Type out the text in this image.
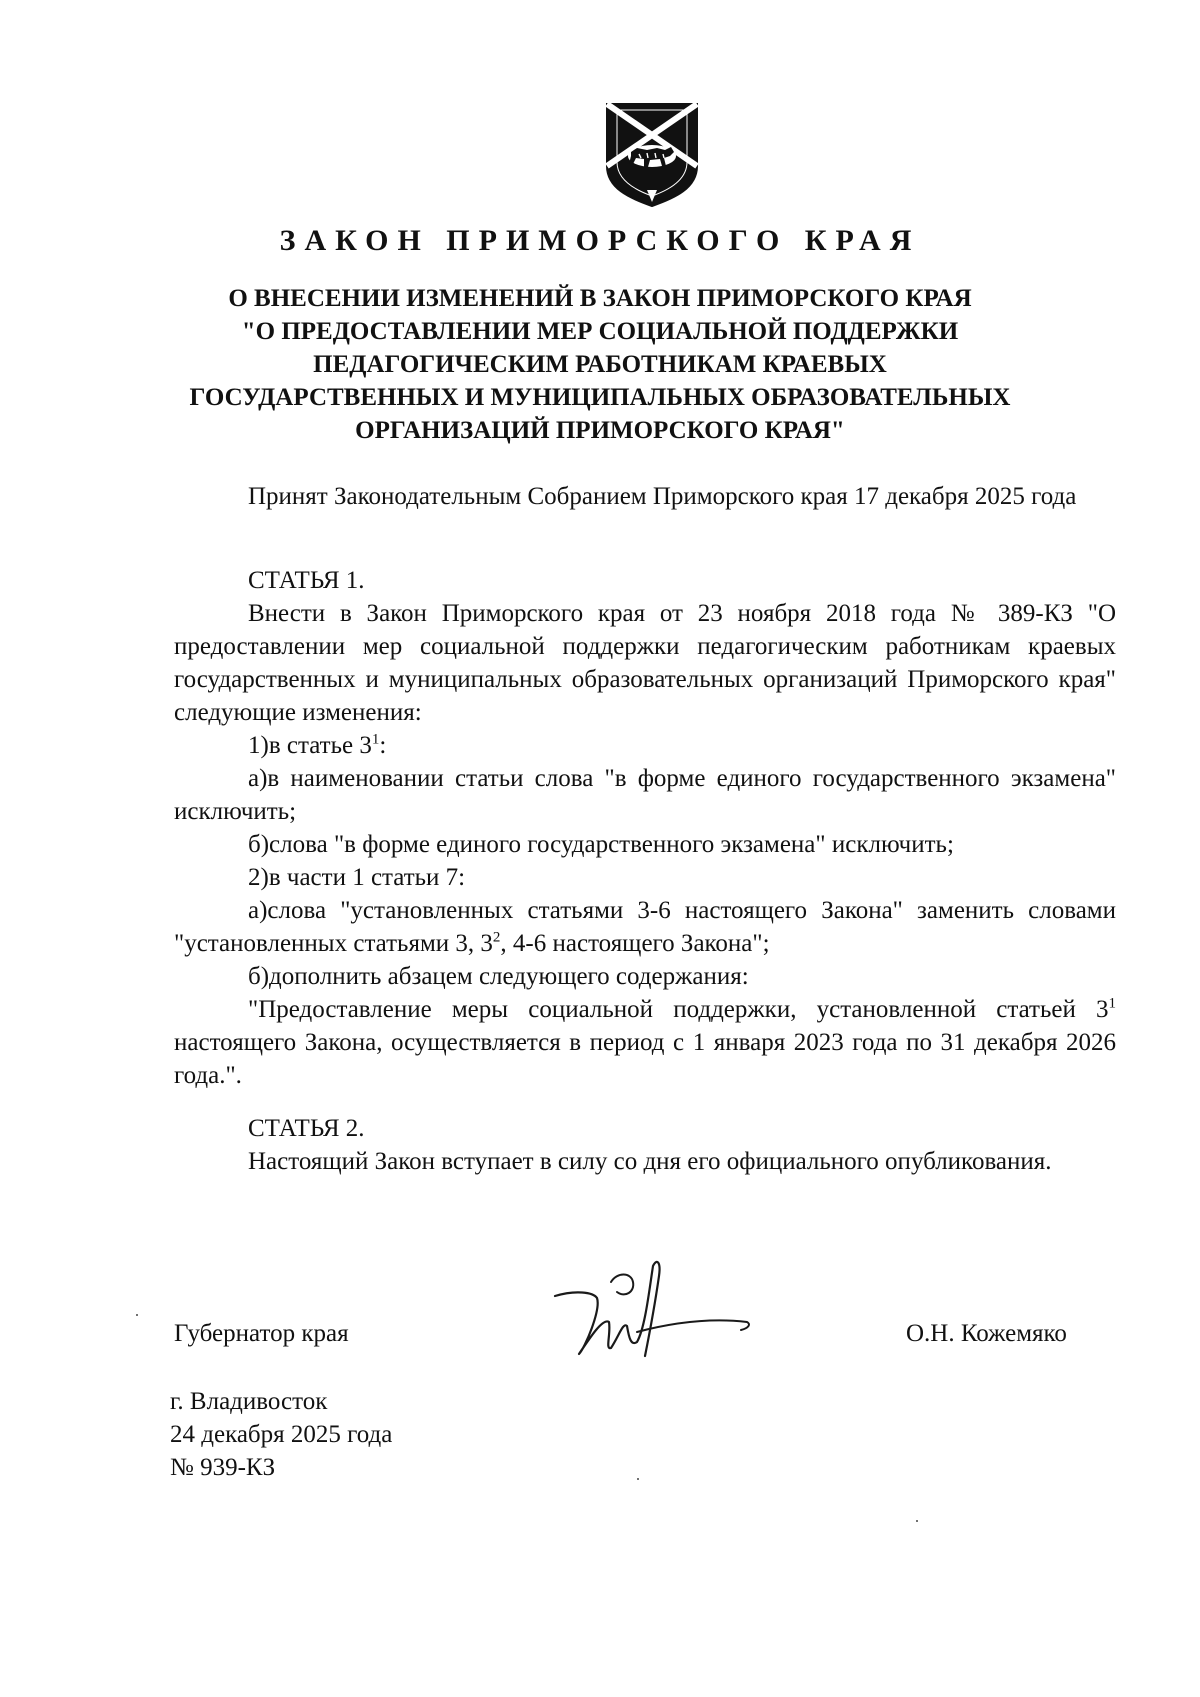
ЗАКОН ПРИМОРСКОГО КРАЯ
О ВНЕСЕНИИ ИЗМЕНЕНИЙ В ЗАКОН ПРИМОРСКОГО КРАЯ
"О ПРЕДОСТАВЛЕНИИ МЕР СОЦИАЛЬНОЙ ПОДДЕРЖКИ
ПЕДАГОГИЧЕСКИМ РАБОТНИКАМ КРАЕВЫХ
ГОСУДАРСТВЕННЫХ И МУНИЦИПАЛЬНЫХ ОБРАЗОВАТЕЛЬНЫХ
ОРГАНИЗАЦИЙ ПРИМОРСКОГО КРАЯ"

Принят Законодательным Собранием Приморского края 17 декабря 2025 года

СТАТЬЯ 1.

Внести в Закон Приморского края от 23 ноября 2018 года № 389-КЗ "О предоставлении мер социальной поддержки педагогическим работникам краевых государственных и муниципальных образовательных организаций Приморского края" следующие изменения:

1)в статье $3^1$:

а)в наименовании статьи слова "в форме единого государственного экзамена" исключить;

б)слова "в форме единого государственного экзамена" исключить;

2)в части 1 статьи 7:

а)слова "установленных статьями 3-6 настоящего Закона" заменить словами "установленных статьями 3, $3^2$, 4-6 настоящего Закона";

б)дополнить абзацем следующего содержания:

"Предоставление меры социальной поддержки, установленной статьей $3^1$ настоящего Закона, осуществляется в период с 1 января 2023 года по 31 декабря 2026 года.".

СТАТЬЯ 2.

Настоящий Закон вступает в силу со дня его официального опубликования.

Губернатор края	О.Н. Кожемяко
г. Владивосток
24 декабря 2025 года
№ 939-КЗ
